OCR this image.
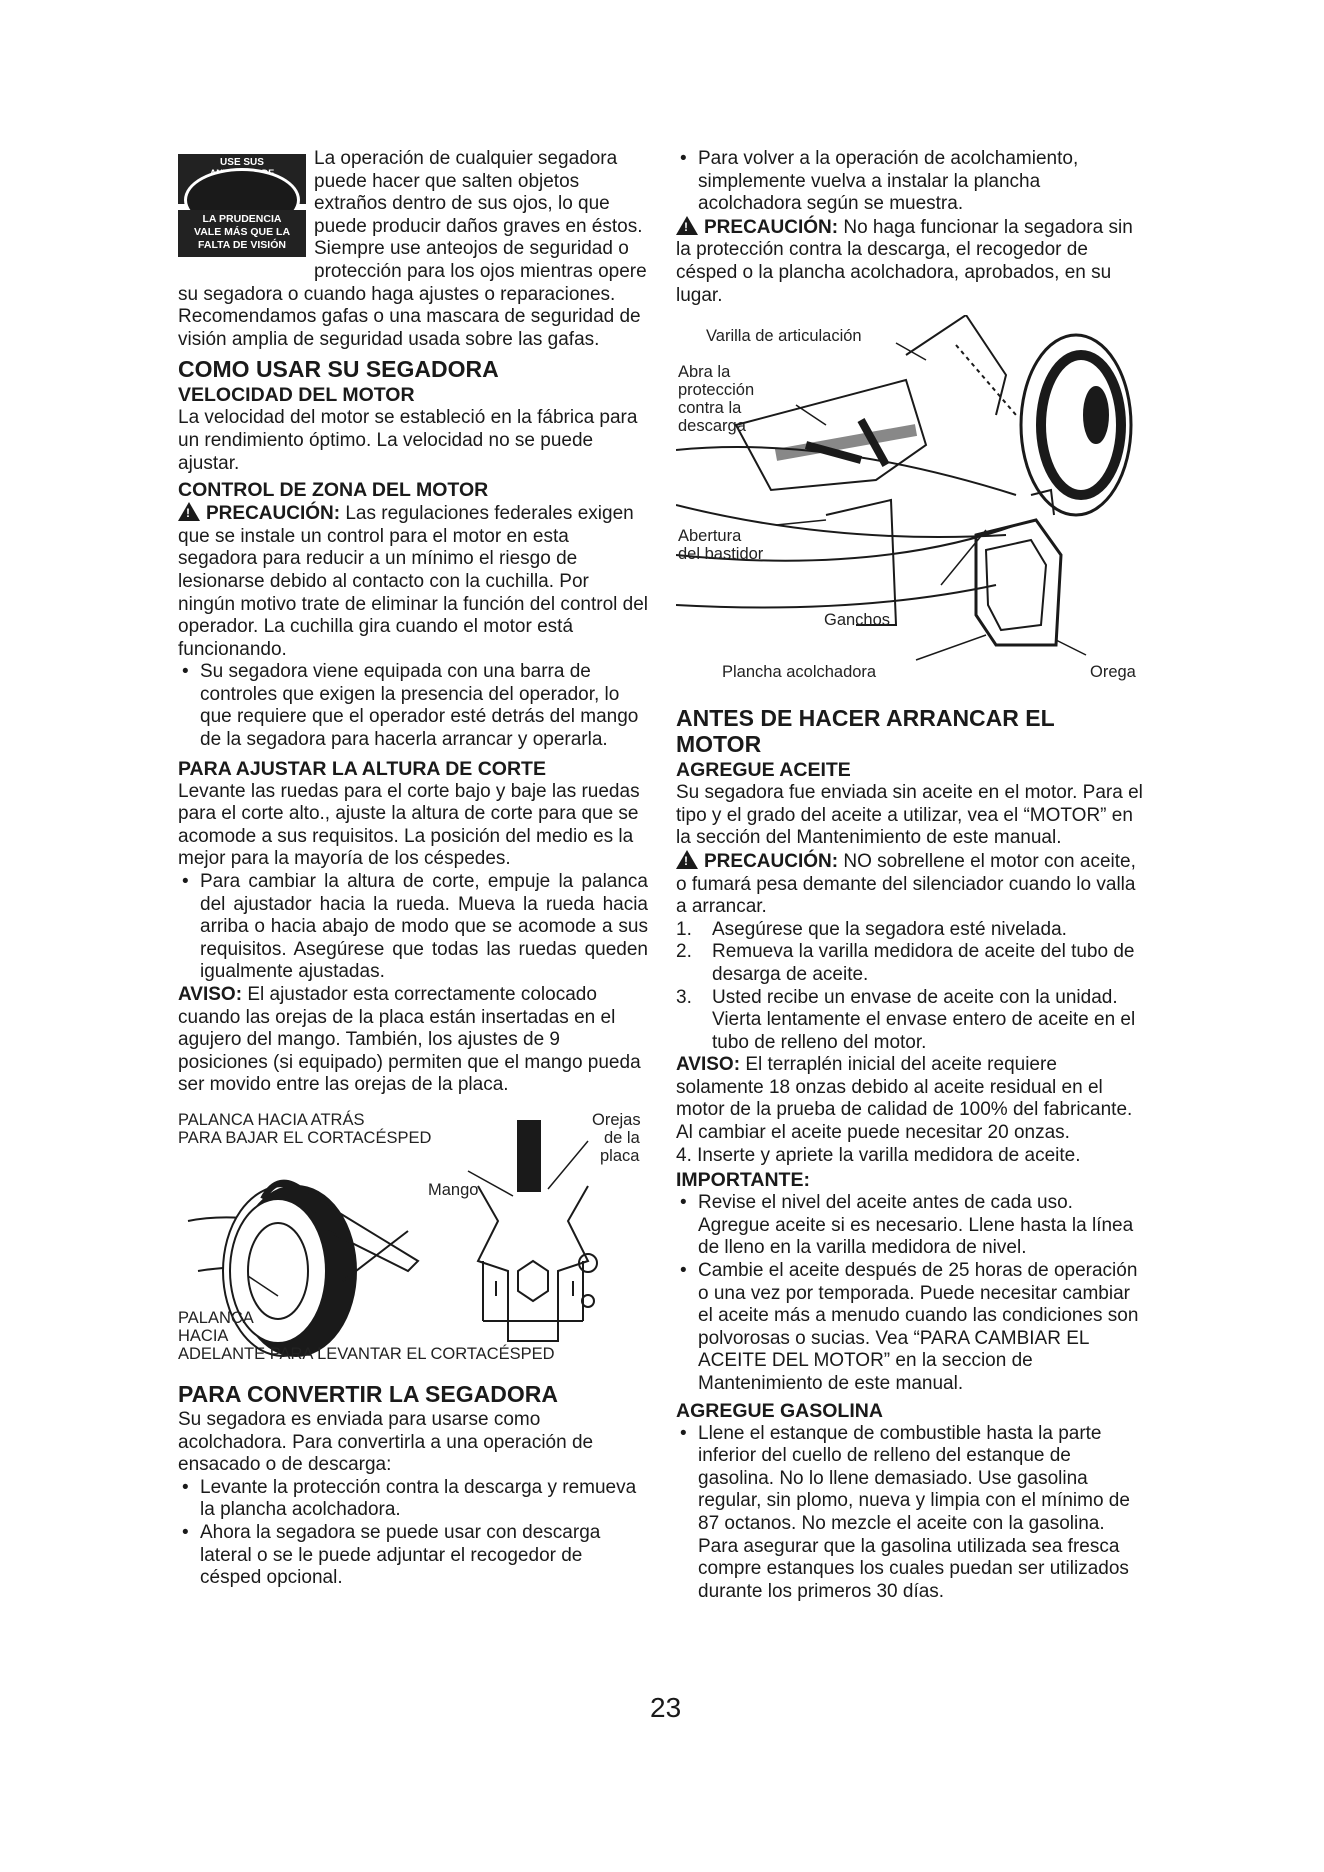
USE SUS
LA PRUDENCIA
VALE MÁS QUE LA
FALTA DE VISIÓN

La operación de cualquier segadora puede hacer que salten objetos extraños dentro de sus ojos, lo que puede producir daños graves en éstos. Siempre use anteojos de seguridad o protección para los ojos mientras opere su segadora o cuando haga ajustes o reparaciones. Recomendamos gafas o una mascara de seguridad de visión amplia de seguridad usada sobre las gafas.

COMO USAR SU SEGADORA
VELOCIDAD DEL MOTOR

La velocidad del motor se estableció en la fábrica para un rendimiento óptimo. La velocidad no se puede ajustar.

CONTROL DE ZONA DEL MOTOR

!PRECAUCIÓN: Las regulaciones federales exigen que se instale un control para el motor en esta segadora para reducir a un mínimo el riesgo de lesionarse debido al contacto con la cuchilla. Por ningún motivo trate de eliminar la función del control del operador. La cuchilla gira cuando el motor está funcionando.

• Su segadora viene equipada con una barra de controles que exigen la presencia del operador, lo que requiere que el operador esté detrás del mango de la segadora para hacerla arrancar y operarla.
PARA AJUSTAR LA ALTURA DE CORTE

Levante las ruedas para el corte bajo y baje las ruedas para el corte alto., ajuste la altura de corte para que se acomode a sus requisitos. La posición del medio es la mejor para la mayoría de los céspedes.

• Para cambiar la altura de corte, empuje la palanca del ajustador hacia la rueda. Mueva la rueda hacia arriba o hacia abajo de modo que se acomode a sus requisitos. Asegúrese que todas las ruedas queden igualmente ajustadas.

AVISO: El ajustador esta correctamente colocado cuando las orejas de la placa están insertadas en el agujero del mango. También, los ajustes de 9 posiciones (si equipado) permiten que el mango pueda ser movido entre las orejas de la placa.

PALANCA HACIA ATRÁS
PARA BAJAR EL CORTACÉSPED
Orejas
de la
placa
Mango
PALANCA
HACIA
ADELANTE PARA LEVANTAR EL CORTACÉSPED
PARA CONVERTIR LA SEGADORA

Su segadora es enviada para usarse como acolchadora. Para convertirla a una operación de ensacado o de descarga:

• Levante la protección contra la descarga y remueva la plancha acolchadora.
• Ahora la segadora se puede usar con descarga lateral o se le puede adjuntar el recogedor de césped opcional.
• Para volver a la operación de acolchamiento, simplemente vuelva a instalar la plancha acolchadora según se muestra.

!PRECAUCIÓN: No haga funcionar la segadora sin la protección contra la descarga, el recogedor de césped o la plancha acolchadora, aprobados, en su lugar.

Varilla de articulación
Abra la
protección
contra la
descarga
Abertura
del bastidor
Ganchos
Plancha acolchadora	Orega
ANTES DE HACER ARRANCAR EL MOTOR
AGREGUE ACEITE

Su segadora fue enviada sin aceite en el motor. Para el tipo y el grado del aceite a utilizar, vea el “MOTOR” en la sección del Mantenimiento de este manual.

!PRECAUCIÓN: NO sobrellene el motor con aceite, o fumará pesa demante del silenciador cuando lo valla a arrancar.

1. Asegúrese que la segadora esté nivelada.
2. Remueva la varilla medidora de aceite del tubo de desarga de aceite.
3. Usted recibe un envase de aceite con la unidad. Vierta lentamente el envase entero de aceite en el tubo de relleno del motor.

AVISO: El terraplén inicial del aceite requiere solamente 18 onzas debido al aceite residual en el motor de la prueba de calidad de 100% del fabricante. Al cambiar el aceite puede necesitar 20 onzas.

4. Inserte y apriete la varilla medidora de aceite.

IMPORTANTE:
• Revise el nivel del aceite antes de cada uso. Agregue aceite si es necesario. Llene hasta la línea de lleno en la varilla medidora de nivel.
• Cambie el aceite después de 25 horas de operación o una vez por temporada. Puede necesitar cambiar el aceite más a menudo cuando las condiciones son polvorosas o sucias. Vea “PARA CAMBIAR EL ACEITE DEL MOTOR” en la seccion de Mantenimiento de este manual.
AGREGUE GASOLINA
• Llene el estanque de combustible hasta la parte inferior del cuello de relleno del estanque de gasolina. No lo llene demasiado. Use gasolina regular, sin plomo, nueva y limpia con el mínimo de 87 octanos. No mezcle el aceite con la gasolina. Para asegurar que la gasolina utilizada sea fresca compre estanques los cuales puedan ser utilizados durante los primeros 30 días.
23
